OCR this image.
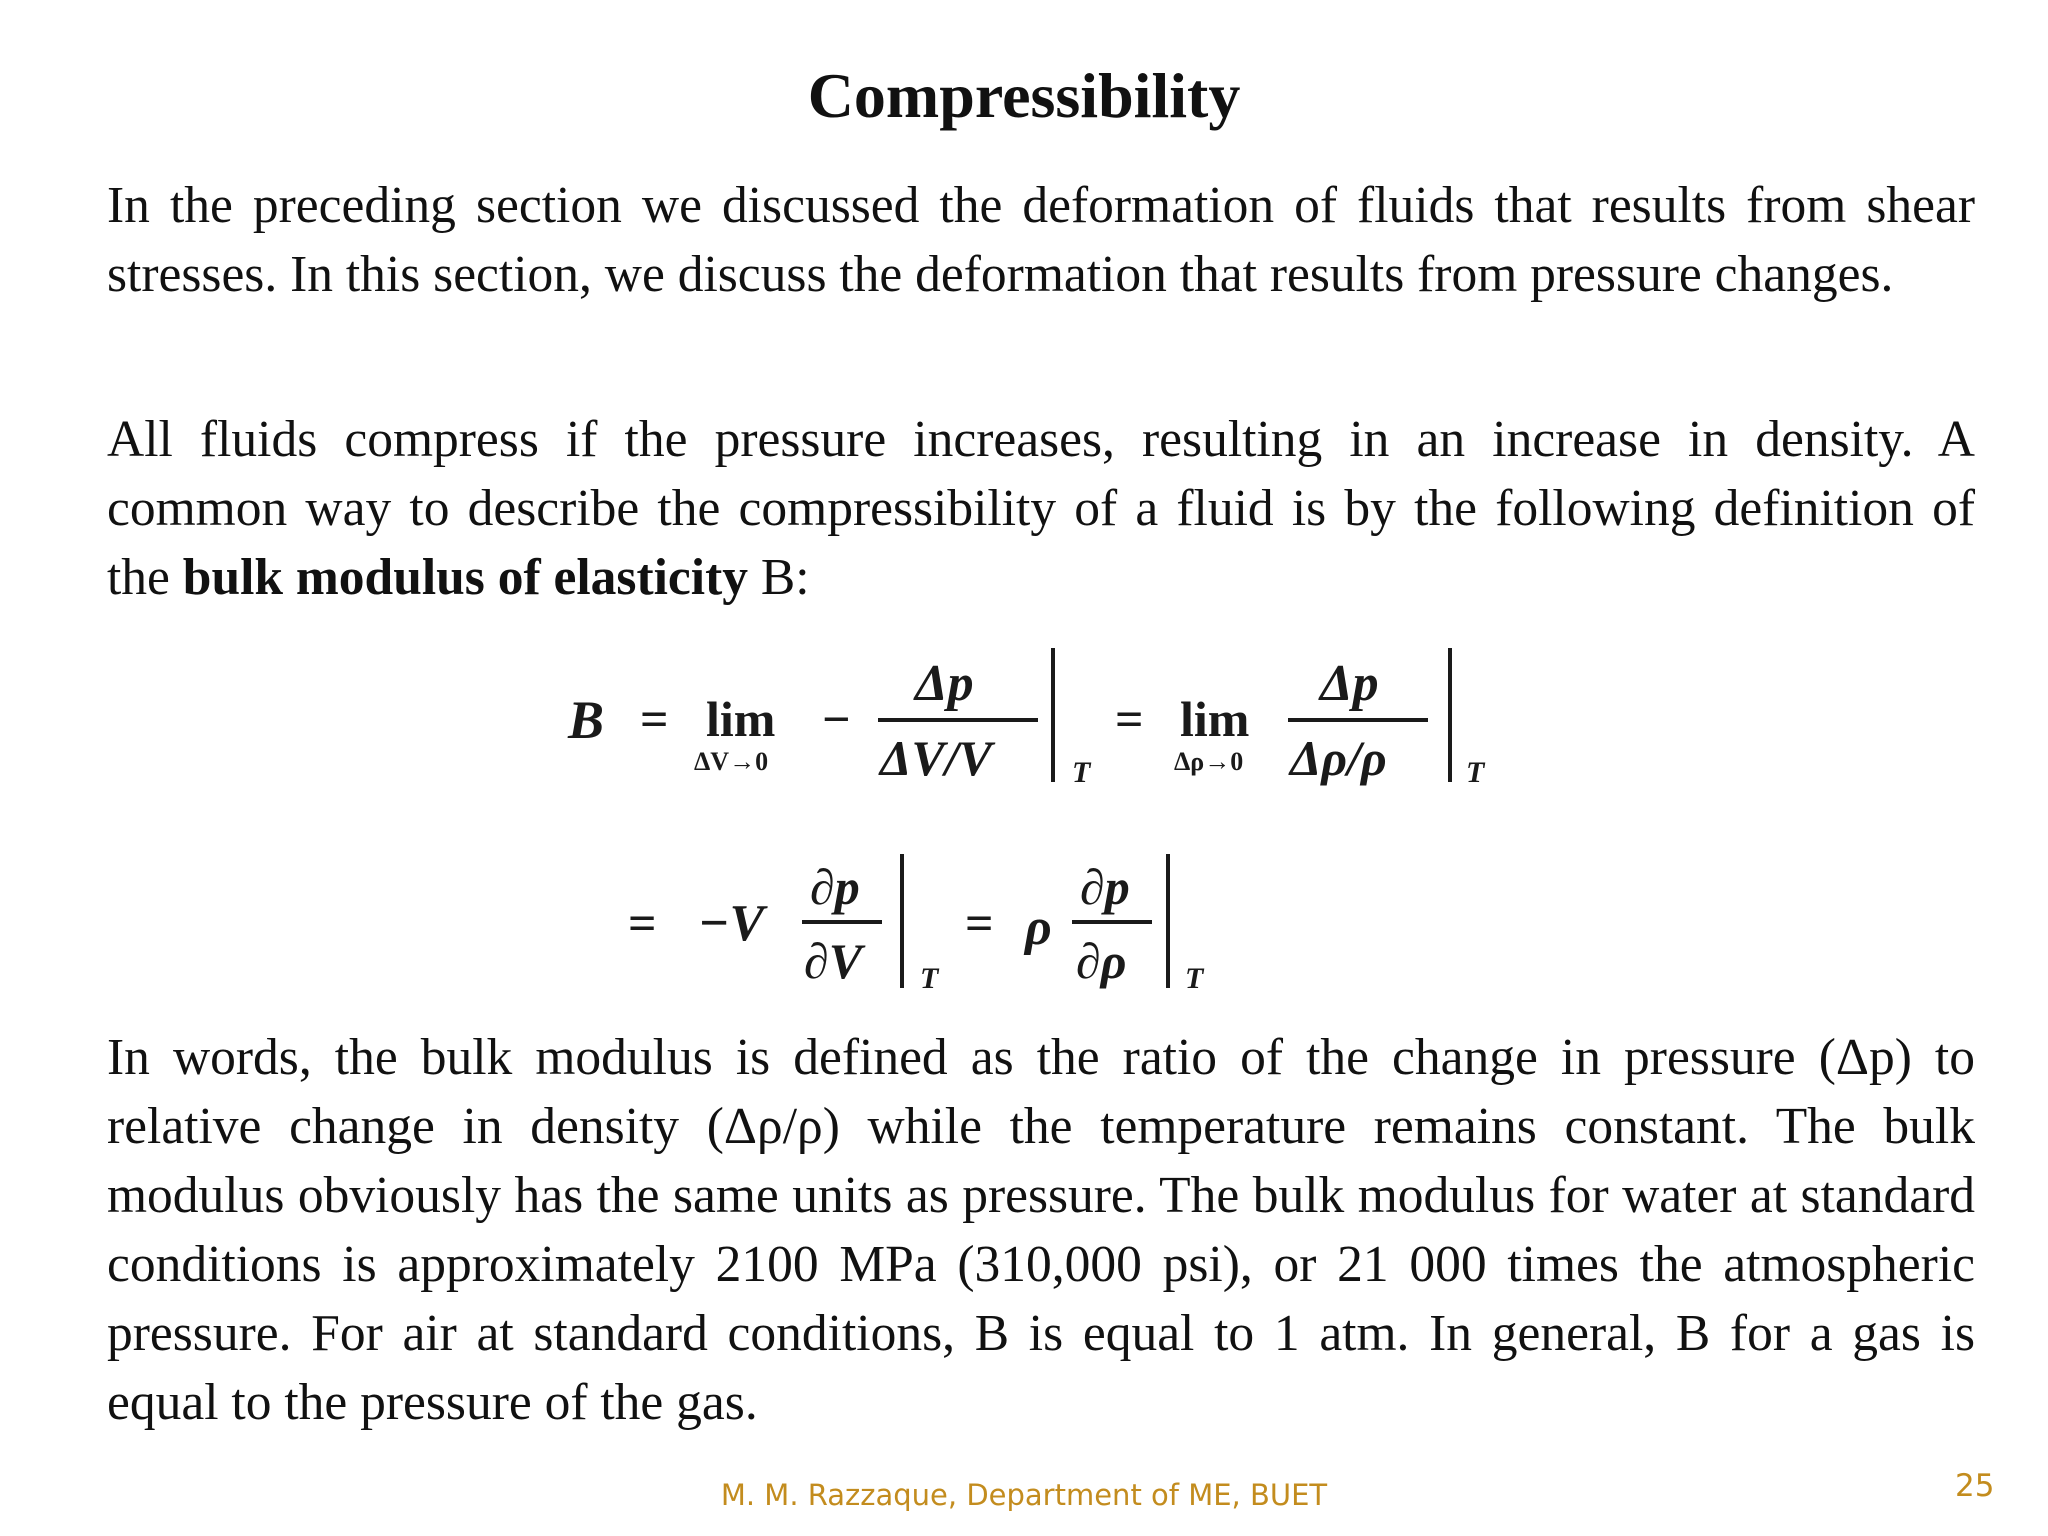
Compressibility
In the preceding section we discussed the deformation of fluids that results from shear stresses. In this section, we discuss the deformation that results from pressure changes.
All fluids compress if the pressure increases, resulting in an increase in density. A common way to describe the compressibility of a fluid is by the following definition of the bulk modulus of elasticity B:
B = lim
ΔV→0
−
Δp
ΔV/V	T
= lim
Δρ→0
Δp
Δρ/ρ	T
= −V
∂p
∂V T
= ρ
∂p
∂ρ T
In words, the bulk modulus is defined as the ratio of the change in pressure (Δp) to relative change in density (Δρ/ρ) while the temperature remains constant. The bulk modulus obviously has the same units as pressure. The bulk modulus for water at standard conditions is approximately 2100 MPa (310,000 psi), or 21 000 times the atmospheric pressure. For air at standard conditions, B is equal to 1 atm. In general, B for a gas is equal to the pressure of the gas.
M. M. Razzaque, Department of ME, BUET	25
